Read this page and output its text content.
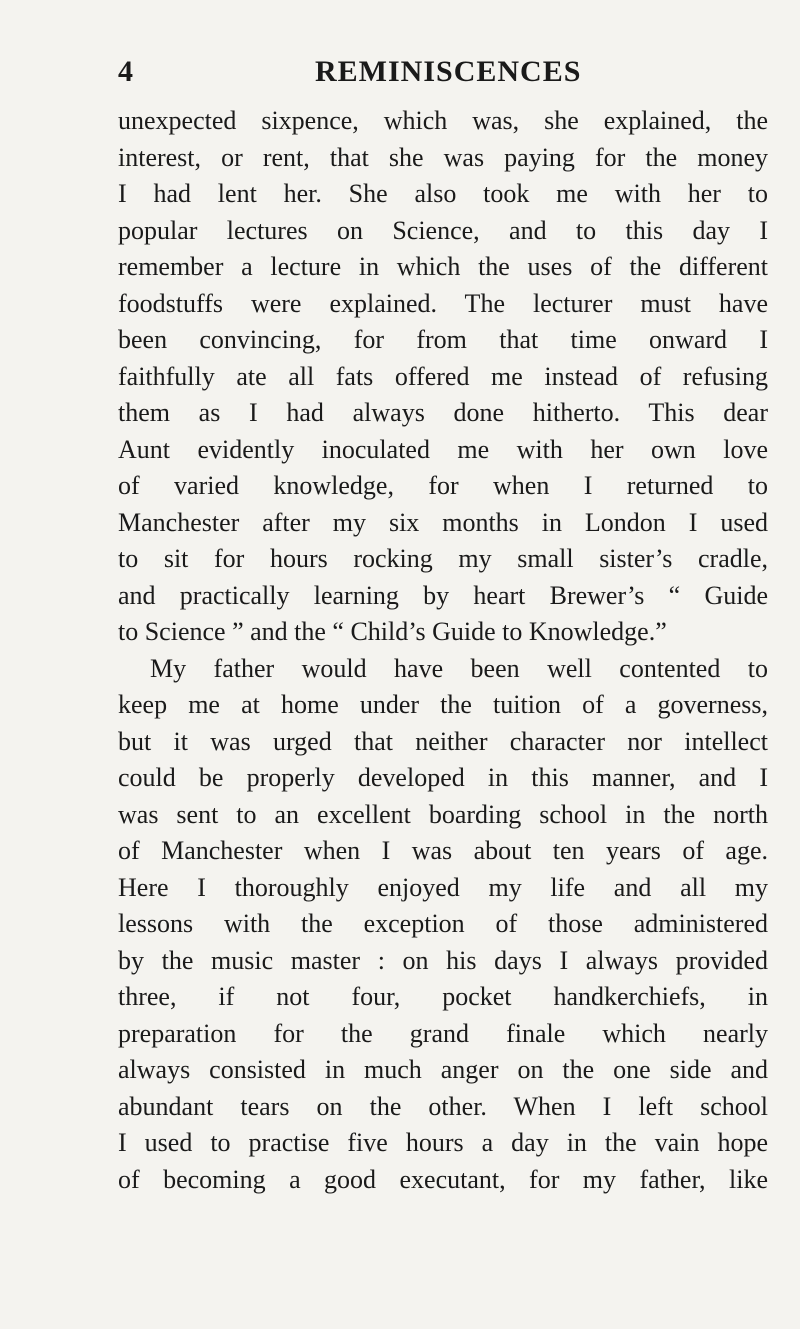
4	REMINISCENCES
unexpected sixpence, which was, she explained, the
interest, or rent, that she was paying for the money
I had lent her. She also took me with her to
popular lectures on Science, and to this day I
remember a lecture in which the uses of the different
foodstuffs were explained. The lecturer must have
been convincing, for from that time onward I
faithfully ate all fats offered me instead of refusing
them as I had always done hitherto. This dear
Aunt evidently inoculated me with her own love
of varied knowledge, for when I returned to
Manchester after my six months in London I used
to sit for hours rocking my small sister’s cradle,
and practically learning by heart Brewer’s “ Guide
to Science ” and the “ Child’s Guide to Knowledge.”
My father would have been well contented to
keep me at home under the tuition of a governess,
but it was urged that neither character nor intellect
could be properly developed in this manner, and I
was sent to an excellent boarding school in the north
of Manchester when I was about ten years of age.
Here I thoroughly enjoyed my life and all my
lessons with the exception of those administered
by the music master : on his days I always provided
three, if not four, pocket handkerchiefs, in
preparation for the grand finale which nearly
always consisted in much anger on the one side and
abundant tears on the other. When I left school
I used to practise five hours a day in the vain hope
of becoming a good executant, for my father, like
